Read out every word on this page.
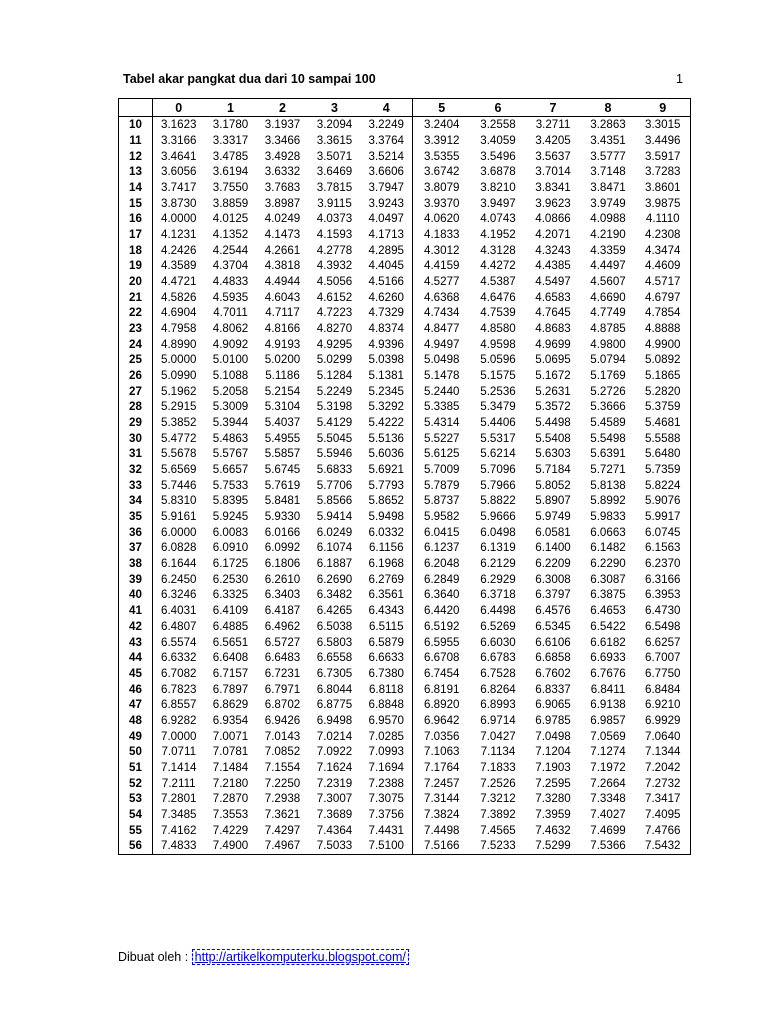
Tabel akar pangkat dua dari 10 sampai 100	1
	0	1	2	3	4	5	6	7	8	9
10	3.1623	3.1780	3.1937	3.2094	3.2249	3.2404	3.2558	3.2711	3.2863	3.3015
11	3.3166	3.3317	3.3466	3.3615	3.3764	3.3912	3.4059	3.4205	3.4351	3.4496
12	3.4641	3.4785	3.4928	3.5071	3.5214	3.5355	3.5496	3.5637	3.5777	3.5917
13	3.6056	3.6194	3.6332	3.6469	3.6606	3.6742	3.6878	3.7014	3.7148	3.7283
14	3.7417	3.7550	3.7683	3.7815	3.7947	3.8079	3.8210	3.8341	3.8471	3.8601
15	3.8730	3.8859	3.8987	3.9115	3.9243	3.9370	3.9497	3.9623	3.9749	3.9875
16	4.0000	4.0125	4.0249	4.0373	4.0497	4.0620	4.0743	4.0866	4.0988	4.1110
17	4.1231	4.1352	4.1473	4.1593	4.1713	4.1833	4.1952	4.2071	4.2190	4.2308
18	4.2426	4.2544	4.2661	4.2778	4.2895	4.3012	4.3128	4.3243	4.3359	4.3474
19	4.3589	4.3704	4.3818	4.3932	4.4045	4.4159	4.4272	4.4385	4.4497	4.4609
20	4.4721	4.4833	4.4944	4.5056	4.5166	4.5277	4.5387	4.5497	4.5607	4.5717
21	4.5826	4.5935	4.6043	4.6152	4.6260	4.6368	4.6476	4.6583	4.6690	4.6797
22	4.6904	4.7011	4.7117	4.7223	4.7329	4.7434	4.7539	4.7645	4.7749	4.7854
23	4.7958	4.8062	4.8166	4.8270	4.8374	4.8477	4.8580	4.8683	4.8785	4.8888
24	4.8990	4.9092	4.9193	4.9295	4.9396	4.9497	4.9598	4.9699	4.9800	4.9900
25	5.0000	5.0100	5.0200	5.0299	5.0398	5.0498	5.0596	5.0695	5.0794	5.0892
26	5.0990	5.1088	5.1186	5.1284	5.1381	5.1478	5.1575	5.1672	5.1769	5.1865
27	5.1962	5.2058	5.2154	5.2249	5.2345	5.2440	5.2536	5.2631	5.2726	5.2820
28	5.2915	5.3009	5.3104	5.3198	5.3292	5.3385	5.3479	5.3572	5.3666	5.3759
29	5.3852	5.3944	5.4037	5.4129	5.4222	5.4314	5.4406	5.4498	5.4589	5.4681
30	5.4772	5.4863	5.4955	5.5045	5.5136	5.5227	5.5317	5.5408	5.5498	5.5588
31	5.5678	5.5767	5.5857	5.5946	5.6036	5.6125	5.6214	5.6303	5.6391	5.6480
32	5.6569	5.6657	5.6745	5.6833	5.6921	5.7009	5.7096	5.7184	5.7271	5.7359
33	5.7446	5.7533	5.7619	5.7706	5.7793	5.7879	5.7966	5.8052	5.8138	5.8224
34	5.8310	5.8395	5.8481	5.8566	5.8652	5.8737	5.8822	5.8907	5.8992	5.9076
35	5.9161	5.9245	5.9330	5.9414	5.9498	5.9582	5.9666	5.9749	5.9833	5.9917
36	6.0000	6.0083	6.0166	6.0249	6.0332	6.0415	6.0498	6.0581	6.0663	6.0745
37	6.0828	6.0910	6.0992	6.1074	6.1156	6.1237	6.1319	6.1400	6.1482	6.1563
38	6.1644	6.1725	6.1806	6.1887	6.1968	6.2048	6.2129	6.2209	6.2290	6.2370
39	6.2450	6.2530	6.2610	6.2690	6.2769	6.2849	6.2929	6.3008	6.3087	6.3166
40	6.3246	6.3325	6.3403	6.3482	6.3561	6.3640	6.3718	6.3797	6.3875	6.3953
41	6.4031	6.4109	6.4187	6.4265	6.4343	6.4420	6.4498	6.4576	6.4653	6.4730
42	6.4807	6.4885	6.4962	6.5038	6.5115	6.5192	6.5269	6.5345	6.5422	6.5498
43	6.5574	6.5651	6.5727	6.5803	6.5879	6.5955	6.6030	6.6106	6.6182	6.6257
44	6.6332	6.6408	6.6483	6.6558	6.6633	6.6708	6.6783	6.6858	6.6933	6.7007
45	6.7082	6.7157	6.7231	6.7305	6.7380	6.7454	6.7528	6.7602	6.7676	6.7750
46	6.7823	6.7897	6.7971	6.8044	6.8118	6.8191	6.8264	6.8337	6.8411	6.8484
47	6.8557	6.8629	6.8702	6.8775	6.8848	6.8920	6.8993	6.9065	6.9138	6.9210
48	6.9282	6.9354	6.9426	6.9498	6.9570	6.9642	6.9714	6.9785	6.9857	6.9929
49	7.0000	7.0071	7.0143	7.0214	7.0285	7.0356	7.0427	7.0498	7.0569	7.0640
50	7.0711	7.0781	7.0852	7.0922	7.0993	7.1063	7.1134	7.1204	7.1274	7.1344
51	7.1414	7.1484	7.1554	7.1624	7.1694	7.1764	7.1833	7.1903	7.1972	7.2042
52	7.2111	7.2180	7.2250	7.2319	7.2388	7.2457	7.2526	7.2595	7.2664	7.2732
53	7.2801	7.2870	7.2938	7.3007	7.3075	7.3144	7.3212	7.3280	7.3348	7.3417
54	7.3485	7.3553	7.3621	7.3689	7.3756	7.3824	7.3892	7.3959	7.4027	7.4095
55	7.4162	7.4229	7.4297	7.4364	7.4431	7.4498	7.4565	7.4632	7.4699	7.4766
56	7.4833	7.4900	7.4967	7.5033	7.5100	7.5166	7.5233	7.5299	7.5366	7.5432
Dibuat oleh : http://artikelkomputerku.blogspot.com/
